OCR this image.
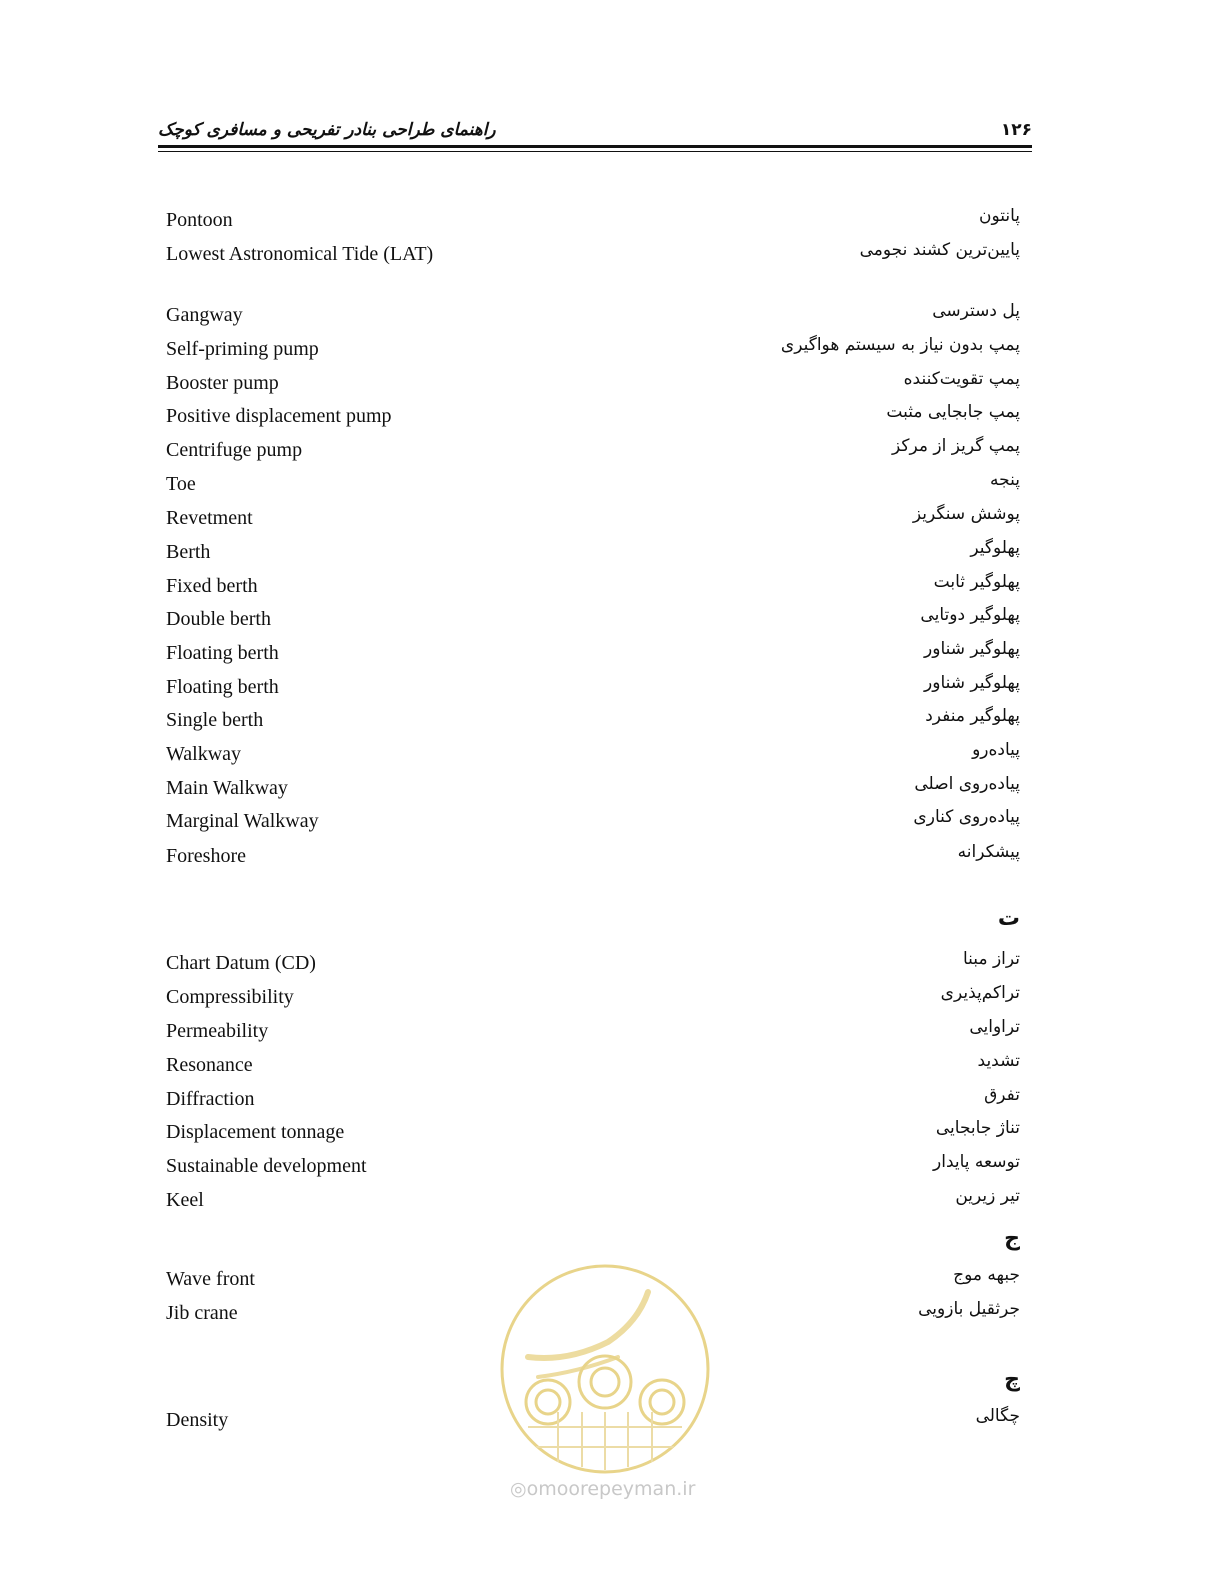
راهنمای طراحی بنادر تفریحی و مسافری کوچک	۱۲۶
Pontoon	پانتون
Lowest Astronomical Tide (LAT)	پایین‌ترین کشند نجومی
Gangway	پل دسترسی
Self-priming pump	پمپ بدون نیاز به سیستم هواگیری
Booster pump	پمپ تقویت‌کننده
Positive displacement pump	پمپ جابجایی مثبت
Centrifuge pump	پمپ گریز از مرکز
Toe	پنجه
Revetment	پوشش سنگریز
Berth	پهلوگیر
Fixed berth	پهلوگیر ثابت
Double berth	پهلوگیر دوتایی
Floating berth	پهلوگیر شناور
Floating berth	پهلوگیر شناور
Single berth	پهلوگیر منفرد
Walkway	پیاده‌رو
Main Walkway	پیاده‌روی اصلی
Marginal Walkway	پیاده‌روی کناری
Foreshore	پیشکرانه
ت
Chart Datum (CD)	تراز مبنا
Compressibility	تراکم‌پذیری
Permeability	تراوایی
Resonance	تشدید
Diffraction	تفرق
Displacement tonnage	تناژ جابجایی
Sustainable development	توسعه پایدار
Keel	تیر زیرین
ج
Wave front	جبهه موج
Jib crane	جرثقیل بازویی
چ
Density	چگالی
◎omoorepeyman.ir
